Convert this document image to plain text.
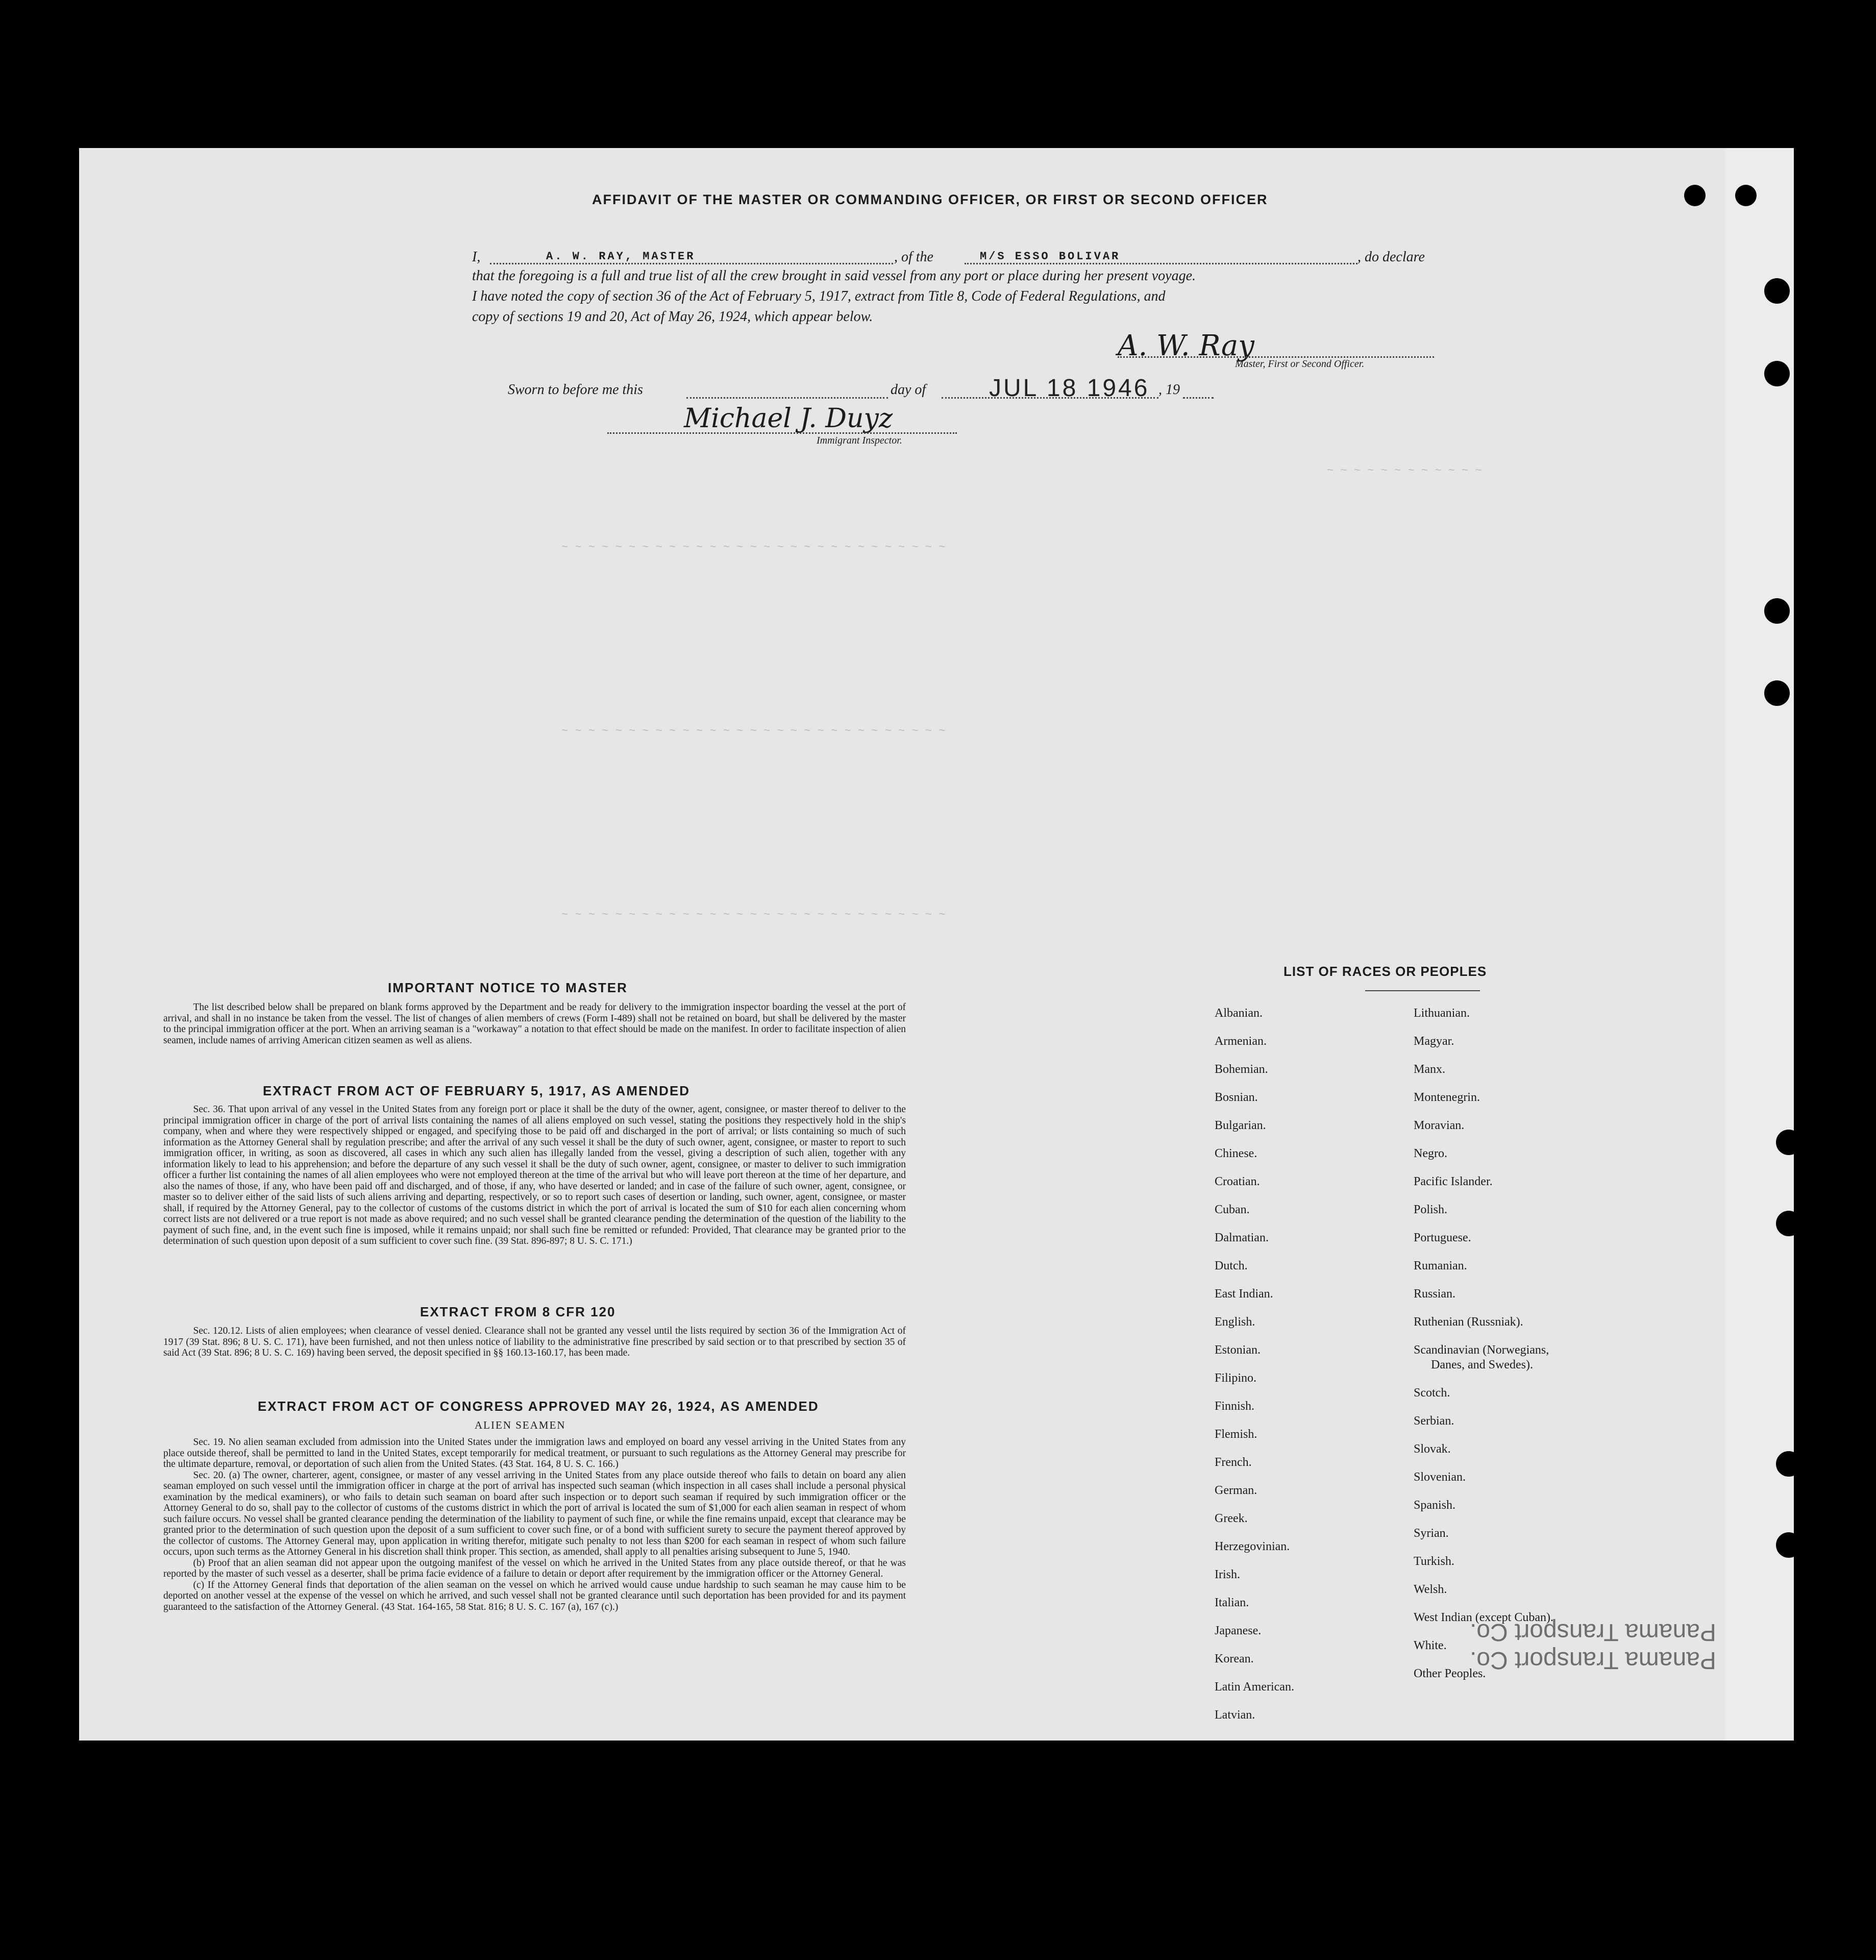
~ ~ ~ ~ ~ ~ ~ ~ ~ ~ ~ ~
~ ~ ~ ~ ~ ~ ~ ~ ~ ~ ~ ~ ~ ~ ~ ~ ~ ~ ~ ~ ~ ~ ~ ~ ~ ~ ~ ~ ~
~ ~ ~ ~ ~ ~ ~ ~ ~ ~ ~ ~ ~ ~ ~ ~ ~ ~ ~ ~ ~ ~ ~ ~ ~ ~ ~ ~ ~
~ ~ ~ ~ ~ ~ ~ ~ ~ ~ ~ ~ ~ ~ ~ ~ ~ ~ ~ ~ ~ ~ ~ ~ ~ ~ ~ ~ ~
AFFIDAVIT OF THE MASTER OR COMMANDING OFFICER, OR FIRST OR SECOND OFFICER
I,	A. W. RAY, MASTER	, of the	M/S ESSO BOLIVAR	, do declare
that the foregoing is a full and true list of all the crew brought in said vessel from any port or place during her present voyage.
I have noted the copy of section 36 of the Act of February 5, 1917, extract from Title 8, Code of Federal Regulations, and
copy of sections 19 and 20, Act of May 26, 1924, which appear below.
A. W. Ray
Master, First or Second Officer.
Sworn to before me this	day of	JUL 18 1946 , 19
Michael J. Duyz
Immigrant Inspector.
IMPORTANT NOTICE TO MASTER
The list described below shall be prepared on blank forms approved by the Department and be ready for delivery to the immigration inspector boarding the vessel at the port of arrival, and shall in no instance be taken from the vessel. The list of changes of alien members of crews (Form I-489) shall not be retained on board, but shall be delivered by the master to the principal immigration officer at the port. When an arriving seaman is a "workaway" a notation to that effect should be made on the manifest. In order to facilitate inspection of alien seamen, include names of arriving American citizen seamen as well as aliens.
EXTRACT FROM ACT OF FEBRUARY 5, 1917, AS AMENDED
Sec. 36. That upon arrival of any vessel in the United States from any foreign port or place it shall be the duty of the owner, agent, consignee, or master thereof to deliver to the principal immigration officer in charge of the port of arrival lists containing the names of all aliens employed on such vessel, stating the positions they respectively hold in the ship's company, when and where they were respectively shipped or engaged, and specifying those to be paid off and discharged in the port of arrival; or lists containing so much of such information as the Attorney General shall by regulation prescribe; and after the arrival of any such vessel it shall be the duty of such owner, agent, consignee, or master to report to such immigration officer, in writing, as soon as discovered, all cases in which any such alien has illegally landed from the vessel, giving a description of such alien, together with any information likely to lead to his apprehension; and before the departure of any such vessel it shall be the duty of such owner, agent, consignee, or master to deliver to such immigration officer a further list containing the names of all alien employees who were not employed thereon at the time of the arrival but who will leave port thereon at the time of her departure, and also the names of those, if any, who have been paid off and discharged, and of those, if any, who have deserted or landed; and in case of the failure of such owner, agent, consignee, or master so to deliver either of the said lists of such aliens arriving and departing, respectively, or so to report such cases of desertion or landing, such owner, agent, consignee, or master shall, if required by the Attorney General, pay to the collector of customs of the customs district in which the port of arrival is located the sum of $10 for each alien concerning whom correct lists are not delivered or a true report is not made as above required; and no such vessel shall be granted clearance pending the determination of the question of the liability to the payment of such fine, and, in the event such fine is imposed, while it remains unpaid; nor shall such fine be remitted or refunded: Provided, That clearance may be granted prior to the determination of such question upon deposit of a sum sufficient to cover such fine. (39 Stat. 896-897; 8 U. S. C. 171.)
EXTRACT FROM 8 CFR 120
Sec. 120.12. Lists of alien employees; when clearance of vessel denied. Clearance shall not be granted any vessel until the lists required by section 36 of the Immigration Act of 1917 (39 Stat. 896; 8 U. S. C. 171), have been furnished, and not then unless notice of liability to the administrative fine prescribed by said section or to that prescribed by section 35 of said Act (39 Stat. 896; 8 U. S. C. 169) having been served, the deposit specified in §§ 160.13-160.17, has been made.
EXTRACT FROM ACT OF CONGRESS APPROVED MAY 26, 1924, AS AMENDED
ALIEN SEAMEN
Sec. 19. No alien seaman excluded from admission into the United States under the immigration laws and employed on board any vessel arriving in the United States from any place outside thereof, shall be permitted to land in the United States, except temporarily for medical treatment, or pursuant to such regulations as the Attorney General may prescribe for the ultimate departure, removal, or deportation of such alien from the United States. (43 Stat. 164, 8 U. S. C. 166.)
Sec. 20. (a) The owner, charterer, agent, consignee, or master of any vessel arriving in the United States from any place outside thereof who fails to detain on board any alien seaman employed on such vessel until the immigration officer in charge at the port of arrival has inspected such seaman (which inspection in all cases shall include a personal physical examination by the medical examiners), or who fails to detain such seaman on board after such inspection or to deport such seaman if required by such immigration officer or the Attorney General to do so, shall pay to the collector of customs of the customs district in which the port of arrival is located the sum of $1,000 for each alien seaman in respect of whom such failure occurs. No vessel shall be granted clearance pending the determination of the liability to payment of such fine, or while the fine remains unpaid, except that clearance may be granted prior to the determination of such question upon the deposit of a sum sufficient to cover such fine, or of a bond with sufficient surety to secure the payment thereof approved by the collector of customs. The Attorney General may, upon application in writing therefor, mitigate such penalty to not less than $200 for each seaman in respect of whom such failure occurs, upon such terms as the Attorney General in his discretion shall think proper. This section, as amended, shall apply to all penalties arising subsequent to June 5, 1940.
(b) Proof that an alien seaman did not appear upon the outgoing manifest of the vessel on which he arrived in the United States from any place outside thereof, or that he was reported by the master of such vessel as a deserter, shall be prima facie evidence of a failure to detain or deport after requirement by the immigration officer or the Attorney General.
(c) If the Attorney General finds that deportation of the alien seaman on the vessel on which he arrived would cause undue hardship to such seaman he may cause him to be deported on another vessel at the expense of the vessel on which he arrived, and such vessel shall not be granted clearance until such deportation has been provided for and its payment guaranteed to the satisfaction of the Attorney General. (43 Stat. 164-165, 58 Stat. 816; 8 U. S. C. 167 (a), 167 (c).)
LIST OF RACES OR PEOPLES
Albanian.
Armenian.
Bohemian.
Bosnian.
Bulgarian.
Chinese.
Croatian.
Cuban.
Dalmatian.
Dutch.
East Indian.
English.
Estonian.
Filipino.
Finnish.
Flemish.
French.
German.
Greek.
Herzegovinian.
Irish.
Italian.
Japanese.
Korean.
Latin American.
Latvian.
Lithuanian.
Magyar.
Manx.
Montenegrin.
Moravian.
Negro.
Pacific Islander.
Polish.
Portuguese.
Rumanian.
Russian.
Ruthenian (Russniak).
Scandinavian (Norwegians,
Danes, and Swedes).
Scotch.
Serbian.
Slovak.
Slovenian.
Spanish.
Syrian.
Turkish.
Welsh.
West Indian (except Cuban).
White.
Other Peoples.
Panama Transport Co.
Panama Transport Co.
